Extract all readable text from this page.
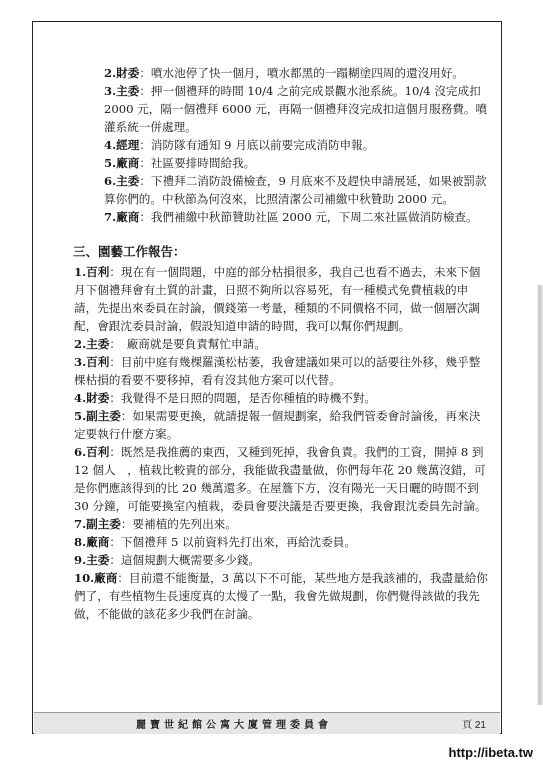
2.財委：噴水池停了快一個月，噴水都黑的一蹋糊塗四周的還沒用好。

3.主委：押一個禮拜的時間 10/4 之前完成景觀水池系統。10/4 沒完成扣 2000 元，隔一個禮拜 6000 元，再隔一個禮拜沒完成扣這個月服務費。噴灌系統一併處理。

4.經理：消防隊有通知 9 月底以前要完成消防申報。

5.廠商：社區要排時間給我。

6.主委：下禮拜二消防設備檢查，9 月底來不及趕快申請展延，如果被罰款算你們的。中秋節為何沒來，比照清潔公司補繳中秋贊助 2000 元。

7.廠商：我們補繳中秋節贊助社區 2000 元，下周二來社區做消防檢查。

三、園藝工作報告：

1.百利：現在有一個問題，中庭的部分枯損很多，我自己也看不過去，未來下個月下個禮拜會有土質的計畫，日照不夠所以容易死，有一種模式免費植栽的申請，先提出來委員在討論，價錢第一考量，種類的不同價格不同，做一個層次調配，會跟沈委員討論，假設知道申請的時間，我可以幫你們規劃。

2.主委：　廠商就是要負責幫忙申請。

3.百利：目前中庭有幾棵羅漢松枯萎，我會建議如果可以的話要往外移，幾乎整棵枯損的看要不要移掉，看有沒其他方案可以代替。

4.財委：我覺得不是日照的問題，是否你種植的時機不對。

5.副主委：如果需要更換，就請提報一個規劃案，給我們管委會討論後，再來決定要執行什麼方案。

6.百利：既然是我推薦的東西，又種到死掉，我會負責。我們的工資，開掉 8 到 12 個人　，植栽比較貴的部分，我能做我盡量做，你們每年花 20 幾萬沒錯，可是你們應該得到的比 20 幾萬還多。在屋簷下方，沒有陽光一天日曬的時間不到 30 分鐘，可能要換室內植栽，委員會要決議是否要更換，我會跟沈委員先討論。

7.副主委：要補植的先列出來。

8.廠商：下個禮拜 5 以前資料先打出來，再給沈委員。

9.主委：這個規劃大概需要多少錢。

10.廠商：目前還不能衡量，3 萬以下不可能，某些地方是我該補的，我盡量給你們了，有些植物生長速度真的太慢了一點，我會先做規劃，你們覺得該做的我先做，不能做的該花多少我們在討論。

麗寶世紀館公寓大廈管理委員會	頁 21
http://ibeta.tw
